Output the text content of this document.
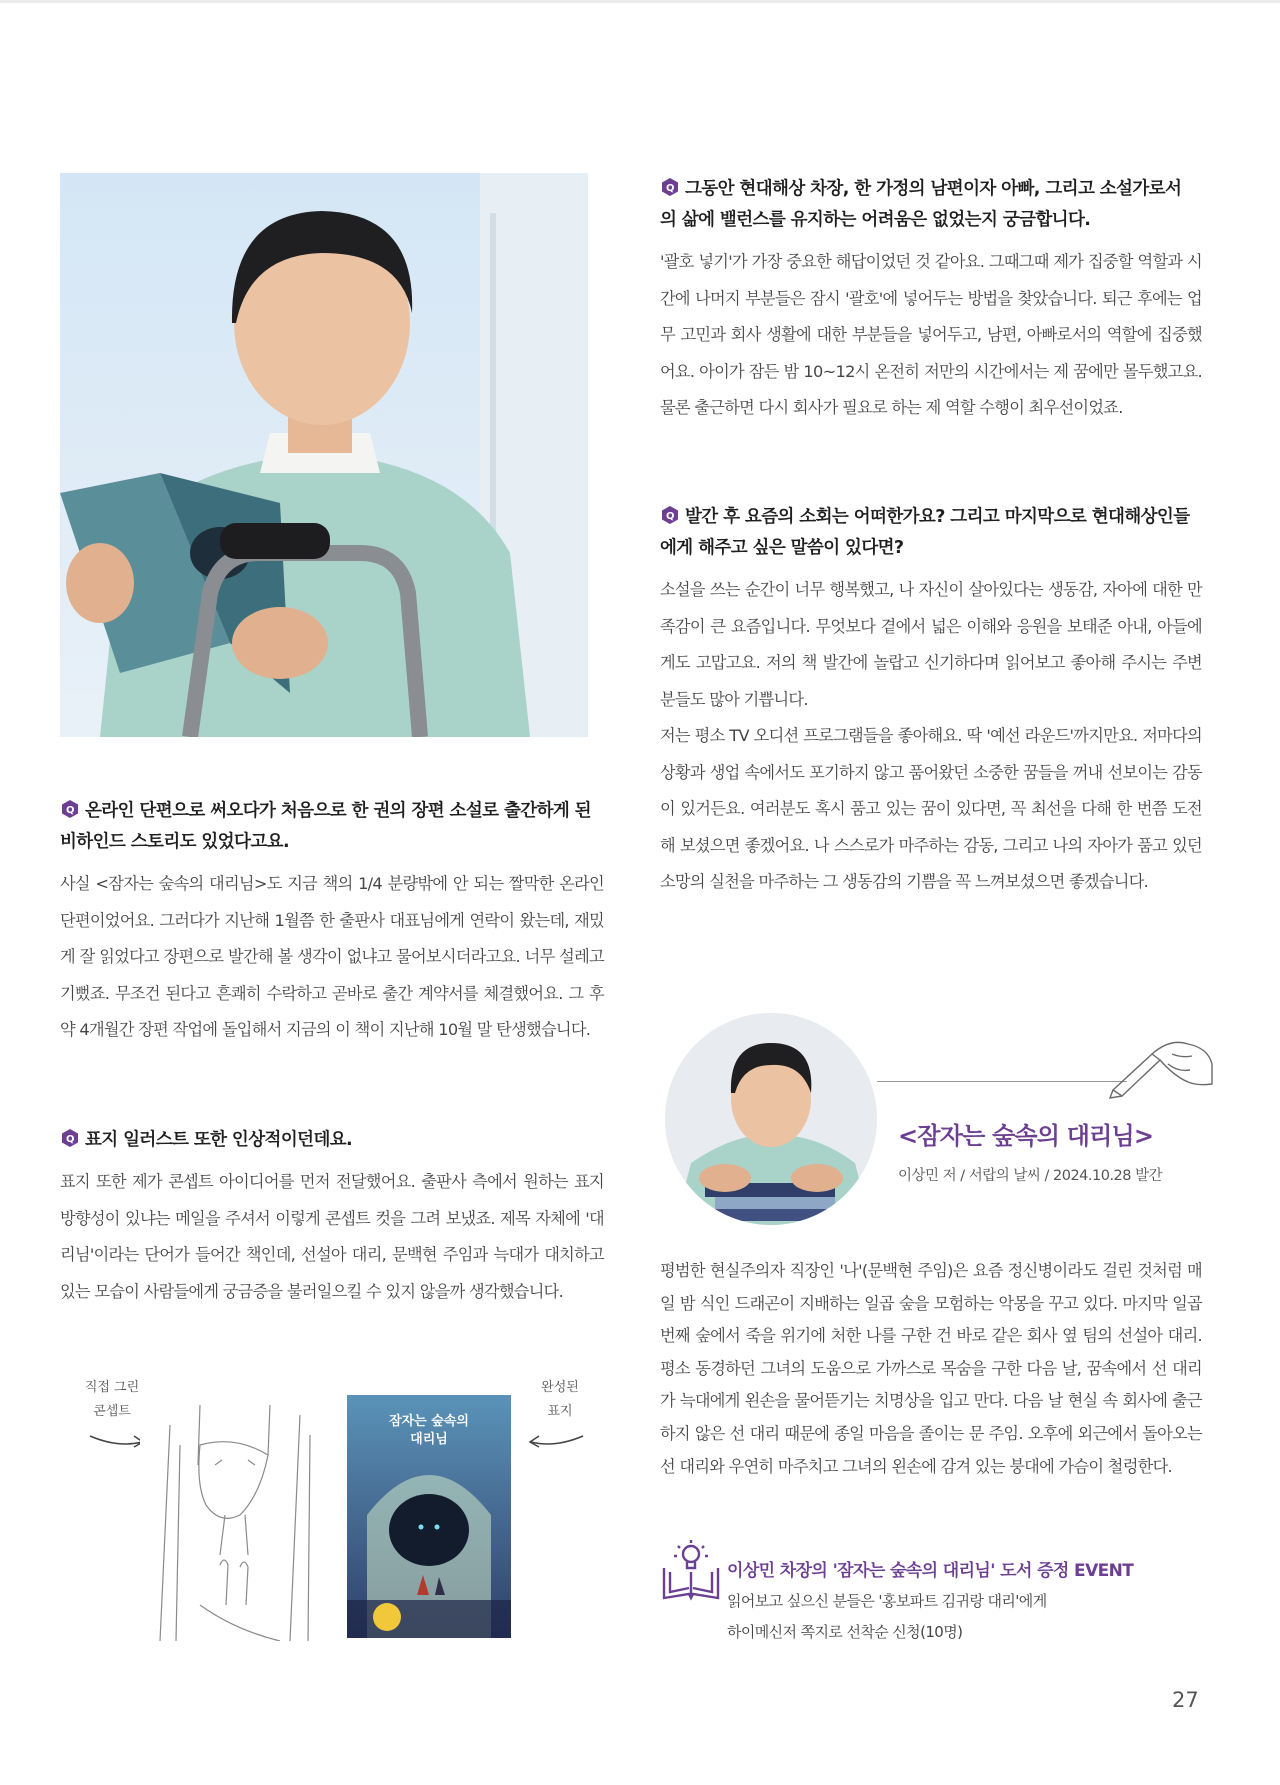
Q 그동안 현대해상 차장, 한 가정의 남편이자 아빠, 그리고 소설가로서
의 삶에 밸런스를 유지하는 어려움은 없었는지 궁금합니다.

'괄호 넣기'가 가장 중요한 해답이었던 것 같아요. 그때그때 제가 집중할 역할과 시간에 나머지 부분들은 잠시 '괄호'에 넣어두는 방법을 찾았습니다. 퇴근 후에는 업무 고민과 회사 생활에 대한 부분들을 넣어두고, 남편, 아빠로서의 역할에 집중했어요. 아이가 잠든 밤 10~12시 온전히 저만의 시간에서는 제 꿈에만 몰두했고요. 물론 출근하면 다시 회사가 필요로 하는 제 역할 수행이 최우선이었죠.

Q 발간 후 요즘의 소회는 어떠한가요? 그리고 마지막으로 현대해상인들
에게 해주고 싶은 말씀이 있다면?

소설을 쓰는 순간이 너무 행복했고, 나 자신이 살아있다는 생동감, 자아에 대한 만족감이 큰 요즘입니다. 무엇보다 곁에서 넓은 이해와 응원을 보태준 아내, 아들에게도 고맙고요. 저의 책 발간에 놀랍고 신기하다며 읽어보고 좋아해 주시는 주변 분들도 많아 기쁩니다.

저는 평소 TV 오디션 프로그램들을 좋아해요. 딱 '예선 라운드'까지만요. 저마다의 상황과 생업 속에서도 포기하지 않고 품어왔던 소중한 꿈들을 꺼내 선보이는 감동이 있거든요. 여러분도 혹시 품고 있는 꿈이 있다면, 꼭 최선을 다해 한 번쯤 도전해 보셨으면 좋겠어요. 나 스스로가 마주하는 감동, 그리고 나의 자아가 품고 있던 소망의 실천을 마주하는 그 생동감의 기쁨을 꼭 느껴보셨으면 좋겠습니다.

Q 온라인 단편으로 써오다가 처음으로 한 권의 장편 소설로 출간하게 된
비하인드 스토리도 있었다고요.

사실 <잠자는 숲속의 대리님>도 지금 책의 1/4 분량밖에 안 되는 짤막한 온라인 단편이었어요. 그러다가 지난해 1월쯤 한 출판사 대표님에게 연락이 왔는데, 재밌게 잘 읽었다고 장편으로 발간해 볼 생각이 없냐고 물어보시더라고요. 너무 설레고 기뻤죠. 무조건 된다고 흔쾌히 수락하고 곧바로 출간 계약서를 체결했어요. 그 후 약 4개월간 장편 작업에 돌입해서 지금의 이 책이 지난해 10월 말 탄생했습니다.

Q 표지 일러스트 또한 인상적이던데요.

표지 또한 제가 콘셉트 아이디어를 먼저 전달했어요. 출판사 측에서 원하는 표지 방향성이 있냐는 메일을 주셔서 이렇게 콘셉트 컷을 그려 보냈죠. 제목 자체에 '대리님'이라는 단어가 들어간 책인데, 선설아 대리, 문백현 주임과 늑대가 대치하고 있는 모습이 사람들에게 궁금증을 불러일으킬 수 있지 않을까 생각했습니다.

직접 그린
콘셉트
완성된
표지
잠자는 숲속의
대리님
<잠자는 숲속의 대리님>
이상민 저 / 서랍의 날씨 / 2024.10.28 발간
평범한 현실주의자 직장인 '나'(문백현 주임)은 요즘 정신병이라도 걸린 것처럼 매일 밤 식인 드래곤이 지배하는 일곱 숲을 모험하는 악몽을 꾸고 있다. 마지막 일곱 번째 숲에서 죽을 위기에 처한 나를 구한 건 바로 같은 회사 옆 팀의 선설아 대리. 평소 동경하던 그녀의 도움으로 가까스로 목숨을 구한 다음 날, 꿈속에서 선 대리가 늑대에게 왼손을 물어뜯기는 치명상을 입고 만다. 다음 날 현실 속 회사에 출근하지 않은 선 대리 때문에 종일 마음을 졸이는 문 주임. 오후에 외근에서 돌아오는 선 대리와 우연히 마주치고 그녀의 왼손에 감겨 있는 붕대에 가슴이 철렁한다.
이상민 차장의 '잠자는 숲속의 대리님' 도서 증정 EVENT
읽어보고 싶으신 분들은 '홍보파트 김귀랑 대리'에게
하이메신저 쪽지로 선착순 신청(10명)
27
